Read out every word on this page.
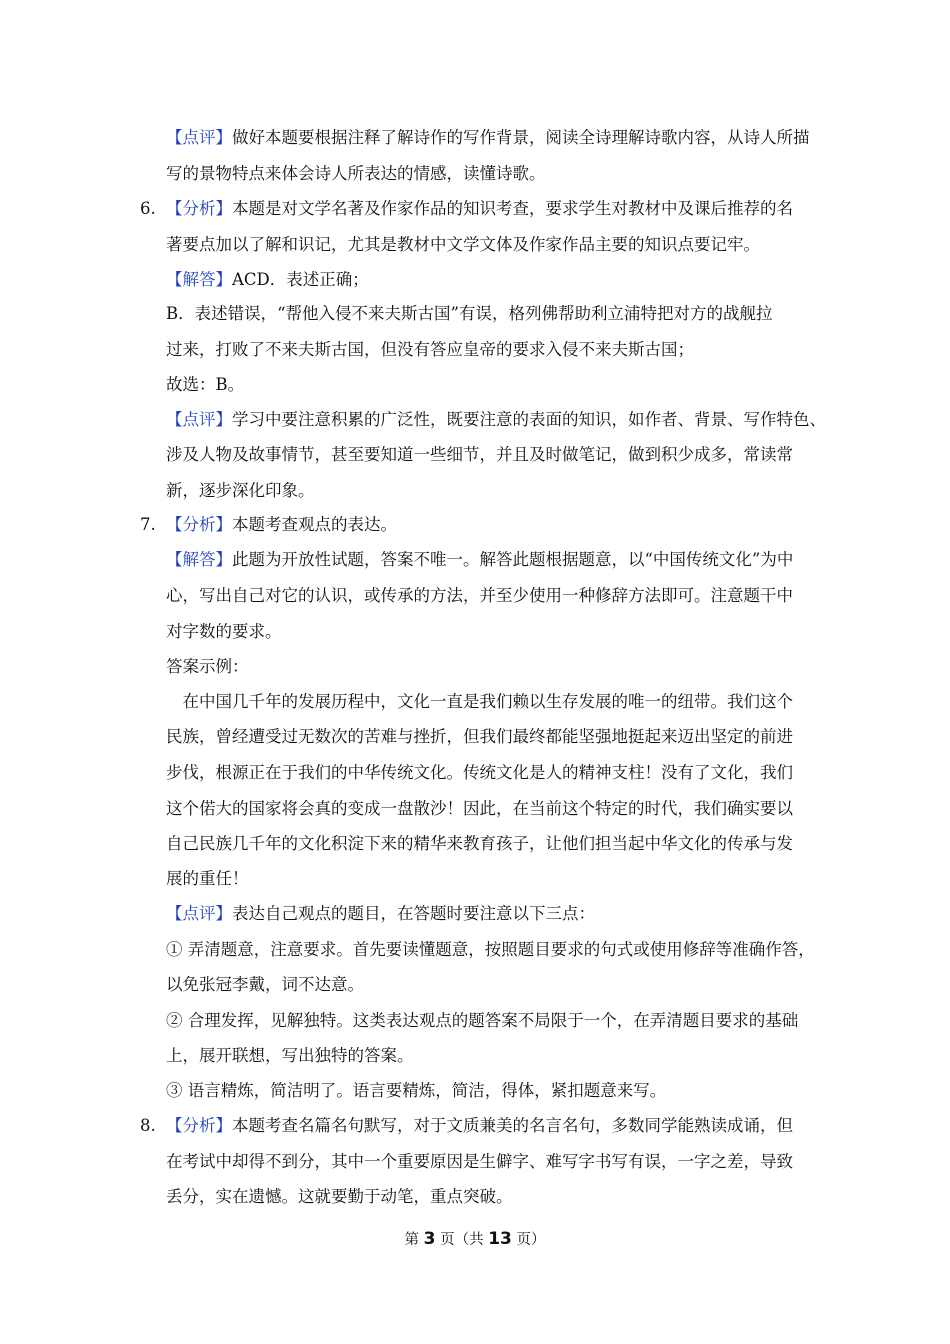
【点评】做好本题要根据注释了解诗作的写作背景，阅读全诗理解诗歌内容，从诗人所描
写的景物特点来体会诗人所表达的情感，读懂诗歌。
6. 【分析】本题是对文学名著及作家作品的知识考查，要求学生对教材中及课后推荐的名
著要点加以了解和识记，尤其是教材中文学文体及作家作品主要的知识点要记牢。
【解答】ACD．表述正确；
B．表述错误，“帮他入侵不来夫斯古国”有误，格列佛帮助利立浦特把对方的战舰拉
过来，打败了不来夫斯古国，但没有答应皇帝的要求入侵不来夫斯古国；
故选：B。
【点评】学习中要注意积累的广泛性，既要注意的表面的知识，如作者、背景、写作特色、
涉及人物及故事情节，甚至要知道一些细节，并且及时做笔记，做到积少成多，常读常
新，逐步深化印象。
7. 【分析】本题考查观点的表达。
【解答】此题为开放性试题，答案不唯一。解答此题根据题意，以“中国传统文化”为中
心，写出自己对它的认识，或传承的方法，并至少使用一种修辞方法即可。注意题干中
对字数的要求。
答案示例：
　在中国几千年的发展历程中，文化一直是我们赖以生存发展的唯一的纽带。我们这个
民族，曾经遭受过无数次的苦难与挫折，但我们最终都能坚强地挺起来迈出坚定的前进
步伐，根源正在于我们的中华传统文化。传统文化是人的精神支柱！没有了文化，我们
这个偌大的国家将会真的变成一盘散沙！因此，在当前这个特定的时代，我们确实要以
自己民族几千年的文化积淀下来的精华来教育孩子，让他们担当起中华文化的传承与发
展的重任！
【点评】表达自己观点的题目，在答题时要注意以下三点：
① 弄清题意，注意要求。首先要读懂题意，按照题目要求的句式或使用修辞等准确作答，
以免张冠李戴，词不达意。
② 合理发挥，见解独特。这类表达观点的题答案不局限于一个，在弄清题目要求的基础
上，展开联想，写出独特的答案。
③ 语言精炼，简洁明了。语言要精炼，简洁，得体，紧扣题意来写。
8. 【分析】本题考查名篇名句默写，对于文质兼美的名言名句，多数同学能熟读成诵，但
在考试中却得不到分，其中一个重要原因是生僻字、难写字书写有误，一字之差，导致
丢分，实在遗憾。这就要勤于动笔，重点突破。
第 3 页（共 13 页）
